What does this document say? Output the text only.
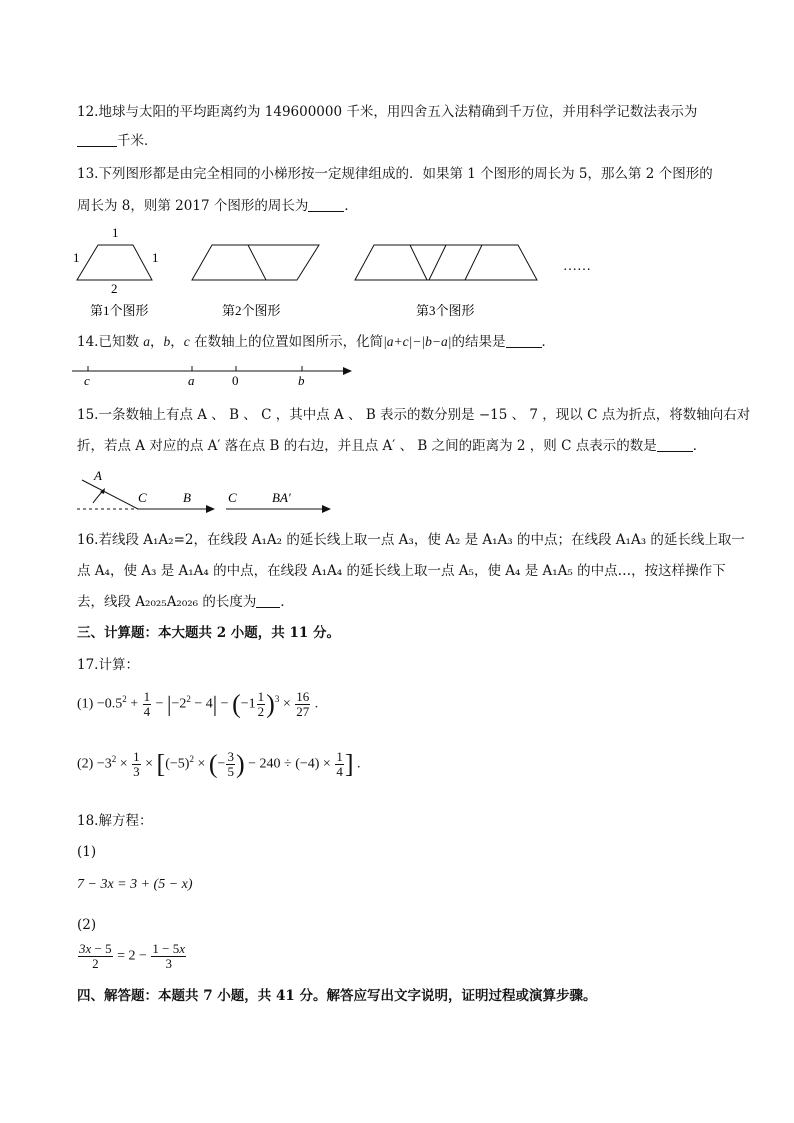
12.地球与太阳的平均距离约为 149600000 千米，用四舍五入法精确到千万位，并用科学记数法表示为
千米．
13.下列图形都是由完全相同的小梯形按一定规律组成的．如果第 1 个图形的周长为 5，那么第 2 个图形的
周长为 8，则第 2017 个图形的周长为	．
1
1	1
2
第1个图形	第2个图形	第3个图形
……
14.已知数 a，b，c 在数轴上的位置如图所示，化简|a+c|−|b−a|的结果是	．
c	a	0	b
15.一条数轴上有点 A 、 B 、 C ，其中点 A 、 B 表示的数分别是 −15 、 7 ，现以 C 点为折点，将数轴向右对
折，若点 A 对应的点 A′ 落在点 B 的右边，并且点 A′ 、 B 之间的距离为 2 ，则 C 点表示的数是	．
A
C	B	C	BA′
16.若线段 A₁A₂=2，在线段 A₁A₂ 的延长线上取一点 A₃，使 A₂ 是 A₁A₃ 的中点；在线段 A₁A₃ 的延长线上取一
点 A₄，使 A₃ 是 A₁A₄ 的中点，在线段 A₁A₄ 的延长线上取一点 A₅，使 A₄ 是 A₁A₅ 的中点…，按这样操作下
去，线段 A₂₀₂₅A₂₀₂₆ 的长度为 ．
三、计算题：本大题共 2 小题，共 11 分。
17.计算：
$(1) -0.5^2 + \frac{1}{4} - |-2^2 - 4| - (-1 \frac{1}{2} )^3 \times \frac{16}{27}$ .
$(2) -3^2 \times \frac{1}{3} \times [(-5)^2$ × (− $\frac{3}{5}$ ) − $240 \div (-4) \times \frac{1}{4}$ ] .
18.解方程：
(1)
7 − 3x = 3 + (5 − x)
(2)
$\frac{3x - 5}{2} = 2 - \frac{1 - 5x}{3}$
四、解答题：本题共 7 小题，共 41 分。解答应写出文字说明，证明过程或演算步骤。
